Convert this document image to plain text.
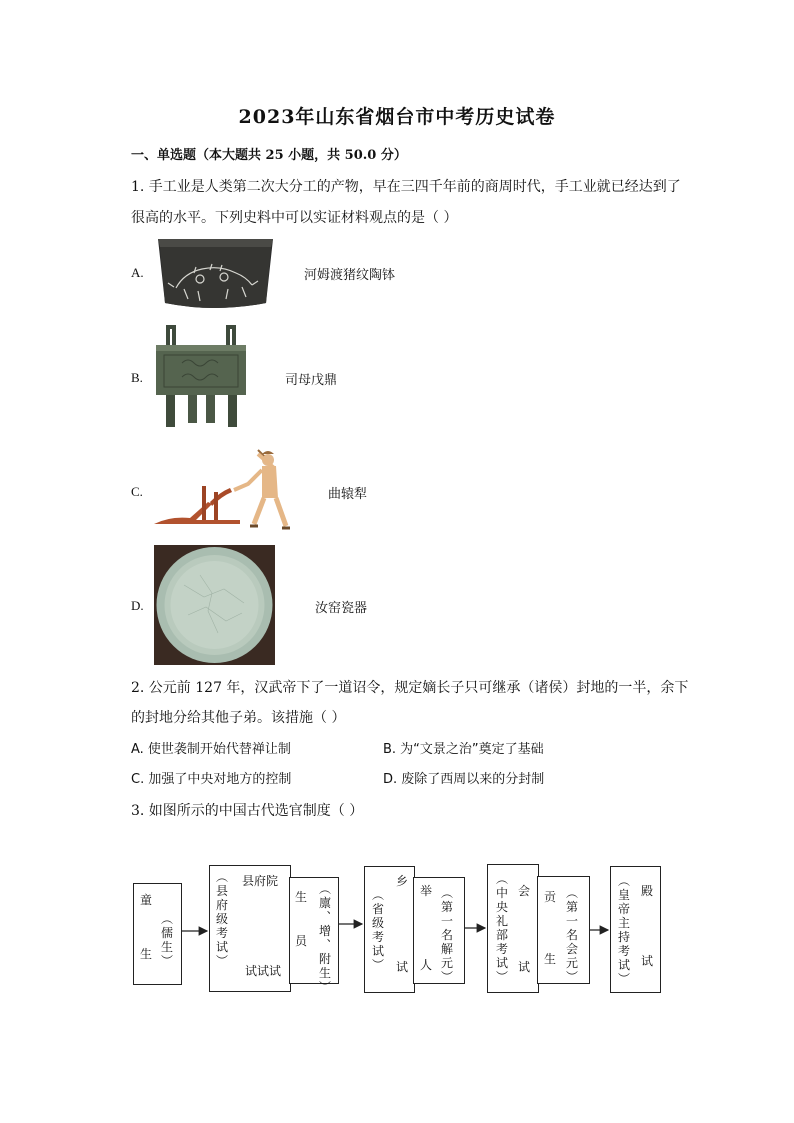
2023年山东省烟台市中考历史试卷
一、单选题（本大题共 25 小题，共 50.0 分）
1. 手工业是人类第二次大分工的产物，早在三四千年前的商周时代，手工业就已经达到了
很高的水平。下列史料中可以实证材料观点的是（ ）
A.	河姆渡猪纹陶钵
B.	司母戊鼎
C.	曲辕犁
D.	汝窑瓷器
2. 公元前 127 年，汉武帝下了一道诏令，规定嫡长子只可继承（诸侯）封地的一半，余下
的封地分给其他子弟。该措施（ ）
A. 使世袭制开始代替禅让制	B. 为“文景之治”奠定了基础
C. 加强了中央对地方的控制	D. 废除了西周以来的分封制
3. 如图所示的中国古代选官制度（ ）
童
生
︵
儒
生
︶
县府院
︵
县
府
级
考
试
︶
试试试
生
员
︵
廪
︑
增
︑
附
生
︶
︵
省
级
考
试
︶
乡
试
举
人
︵
第
一
名
解
元
︶
︵
中
央
礼
部
考
试
︶
会
试
贡
生
︵
第
一
名
会
元
︶
︵
皇
帝
主
持
考
试
︶
殿
试
